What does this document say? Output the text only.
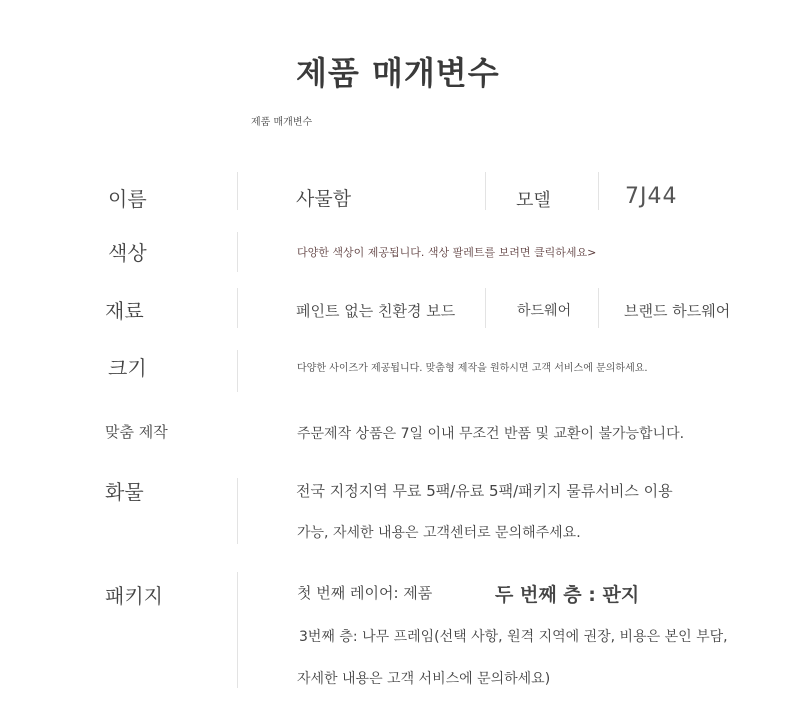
제품 매개변수
제품 매개변수
이름	사물함	모델	7J44
색상	다양한 색상이 제공됩니다. 색상 팔레트를 보려면 클릭하세요>
재료	페인트 없는 친환경 보드	하드웨어	브랜드 하드웨어
크기	다양한 사이즈가 제공됩니다. 맞춤형 제작을 원하시면 고객 서비스에 문의하세요.
맞춤 제작	주문제작 상품은 7일 이내 무조건 반품 및 교환이 불가능합니다.
화물	전국 지정지역 무료 5팩/유료 5팩/패키지 물류서비스 이용
가능, 자세한 내용은 고객센터로 문의해주세요.
패키지	첫 번째 레이어: 제품	두 번째 층 : 판지
3번째 층: 나무 프레임(선택 사항, 원격 지역에 권장, 비용은 본인 부담,
자세한 내용은 고객 서비스에 문의하세요)
